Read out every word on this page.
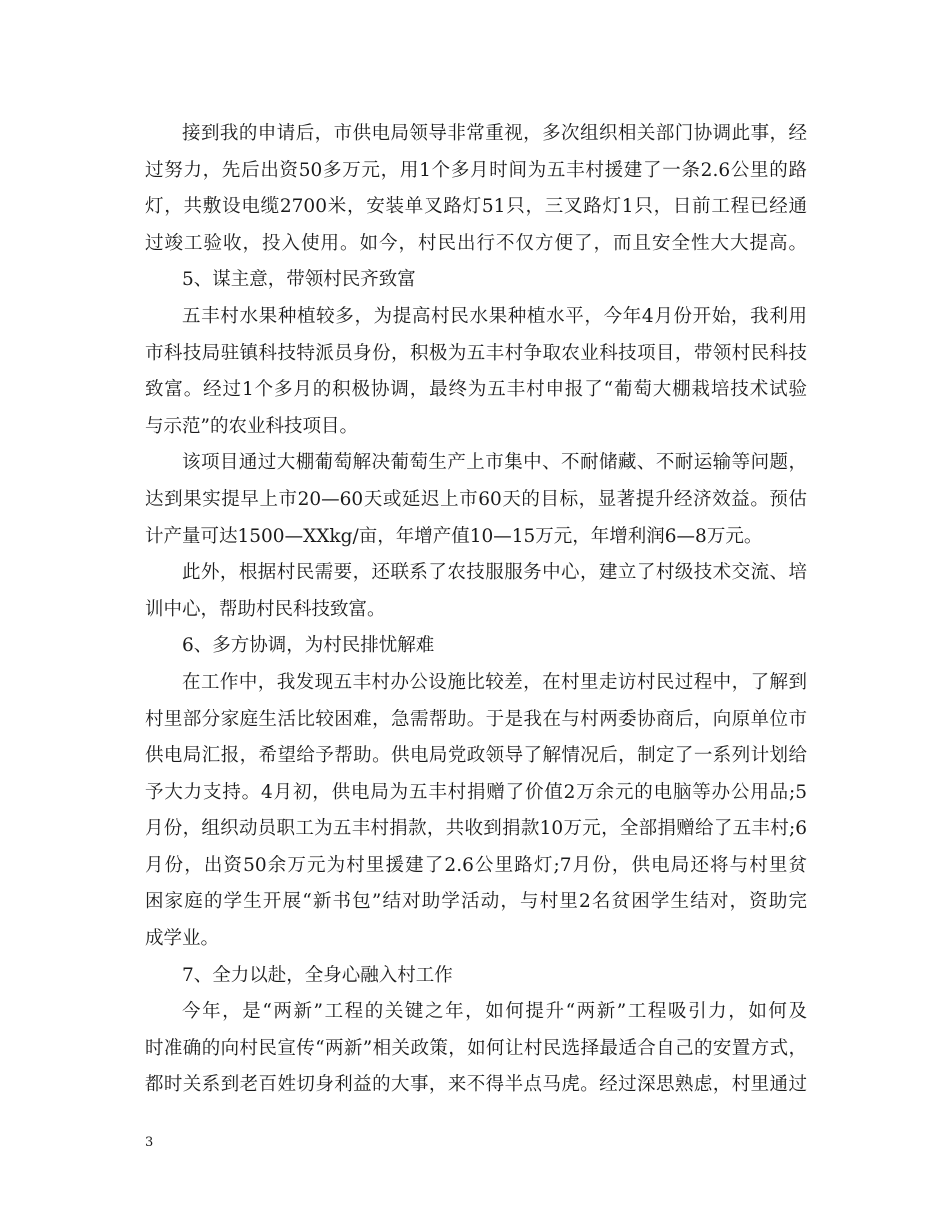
接到我的申请后，市供电局领导非常重视，多次组织相关部门协调此事，经
过努力，先后出资50多万元，用1个多月时间为五丰村援建了一条2.6公里的路
灯，共敷设电缆2700米，安装单叉路灯51只，三叉路灯1只，日前工程已经通
过竣工验收，投入使用。如今，村民出行不仅方便了，而且安全性大大提高。
5、谋主意，带领村民齐致富
五丰村水果种植较多，为提高村民水果种植水平，今年4月份开始，我利用
市科技局驻镇科技特派员身份，积极为五丰村争取农业科技项目，带领村民科技
致富。经过1个多月的积极协调，最终为五丰村申报了“葡萄大棚栽培技术试验
与示范”的农业科技项目。
该项目通过大棚葡萄解决葡萄生产上市集中、不耐储藏、不耐运输等问题，
达到果实提早上市20—60天或延迟上市60天的目标，显著提升经济效益。预估
计产量可达1500—XXkg/亩，年增产值10—15万元，年增利润6—8万元。
此外，根据村民需要，还联系了农技服服务中心，建立了村级技术交流、培
训中心，帮助村民科技致富。
6、多方协调，为村民排忧解难
在工作中，我发现五丰村办公设施比较差，在村里走访村民过程中，了解到
村里部分家庭生活比较困难，急需帮助。于是我在与村两委协商后，向原单位市
供电局汇报，希望给予帮助。供电局党政领导了解情况后，制定了一系列计划给
予大力支持。4月初，供电局为五丰村捐赠了价值2万余元的电脑等办公用品;5
月份，组织动员职工为五丰村捐款，共收到捐款10万元，全部捐赠给了五丰村;6
月份，出资50余万元为村里援建了2.6公里路灯;7月份，供电局还将与村里贫
困家庭的学生开展“新书包”结对助学活动，与村里2名贫困学生结对，资助完
成学业。
7、全力以赴，全身心融入村工作
今年，是“两新”工程的关键之年，如何提升“两新”工程吸引力，如何及
时准确的向村民宣传“两新”相关政策，如何让村民选择最适合自己的安置方式，
都时关系到老百姓切身利益的大事，来不得半点马虎。经过深思熟虑，村里通过
3
